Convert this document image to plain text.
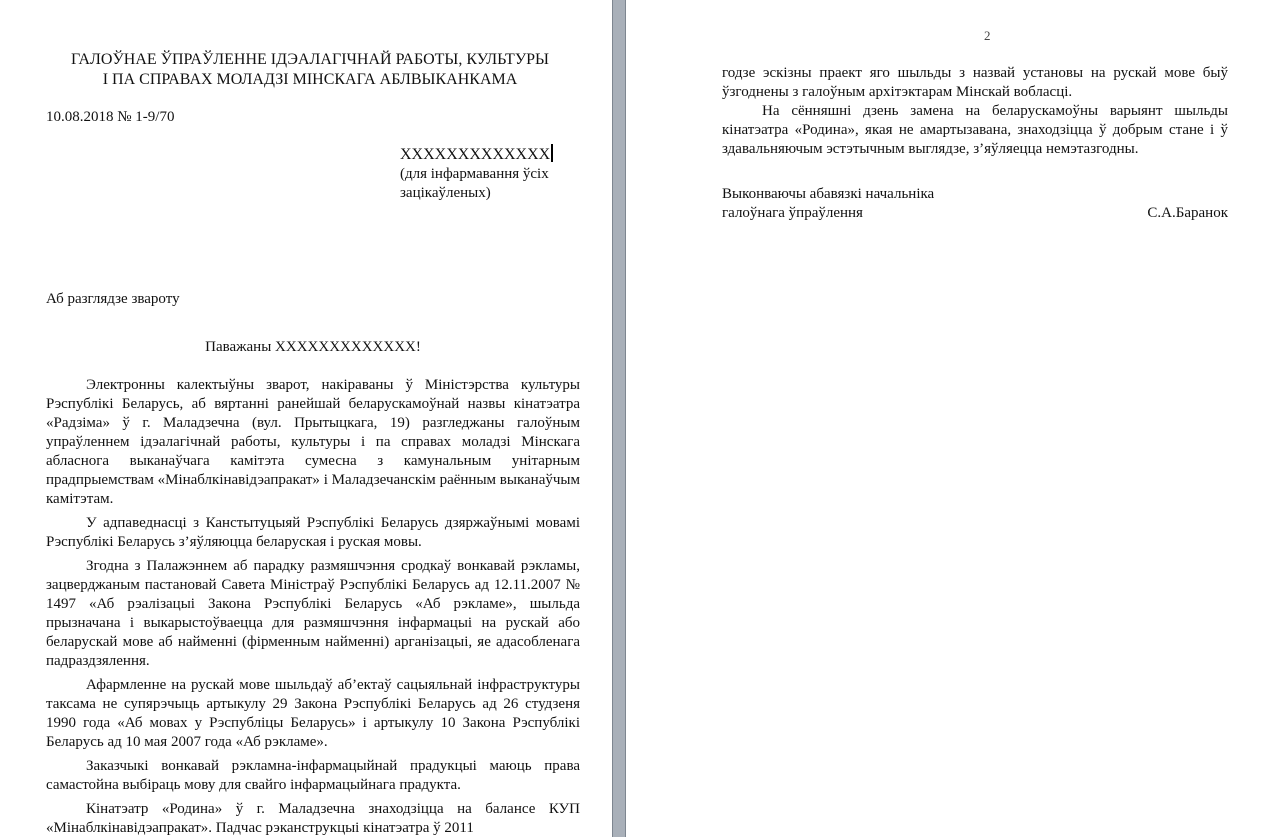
ГАЛОЎНАЕ ЎПРАЎЛЕННЕ ІДЭАЛАГІЧНАЙ РАБОТЫ, КУЛЬТУРЫ
І ПА СПРАВАХ МОЛАДЗІ МІНСКАГА АБЛВЫКАНКАМА
10.08.2018 № 1-9/70
ХХХХХХХХХХХХХ
(для інфармавання ўсіх
зацікаўленых)
Аб разглядзе звароту
Паважаны ХХХХХХХХХХХХХ!

Электронны калектыўны зварот, накіраваны ў Міністэрства культуры Рэспублікі Беларусь, аб вяртанні ранейшай беларускамоўнай назвы кінатэатра «Радзіма» ў г. Маладзечна (вул. Прытыцкага, 19) разгледжаны галоўным упраўленнем ідэалагічнай работы, культуры і па справах моладзі Мінскага абласнога выканаўчага камітэта сумесна з камунальным унітарным прадпрыемствам «Мінаблкінавідэапракат» і Маладзечанскім раённым выканаўчым камітэтам.

У адпаведнасці з Канстытуцыяй Рэспублікі Беларусь дзяржаўнымі мовамі Рэспублікі Беларусь з’яўляюцца беларуская і руская мовы.

Згодна з Палажэннем аб парадку размяшчэння сродкаў вонкавай рэкламы, зацверджаным пастановай Савета Міністраў Рэспублікі Беларусь ад 12.11.2007 № 1497 «Аб рэалізацыі Закона Рэспублікі Беларусь «Аб рэкламе», шыльда прызначана і выкарыстоўваецца для размяшчэння інфармацыі на рускай або беларускай мове аб найменні (фірменным найменні) арганізацыі, яе адасобленага падраздзялення.

Афармленне на рускай мове шыльдаў аб’ектаў сацыяльнай інфраструктуры таксама не супярэчыць артыкулу 29 Закона Рэспублікі Беларусь ад 26 студзеня 1990 года «Аб мовах у Рэспубліцы Беларусь» і артыкулу 10 Закона Рэспублікі Беларусь ад 10 мая 2007 года «Аб рэкламе».

Заказчыкі вонкавай рэкламна-інфармацыйнай прадукцыі маюць права самастойна выбіраць мову для свайго інфармацыйнага прадукта.

Кінатэатр «Родина» ў г. Маладзечна знаходзіцца на балансе КУП «Мінаблкінавідэапракат». Падчас рэканструкцыі кінатэатра ў 2011

2

годзе эскізны праект яго шыльды з назвай установы на рускай мове быў ўзгоднены з галоўным архітэктарам Мінскай вобласці.

На сённяшні дзень замена на беларускамоўны варыянт шыльды кінатэатра «Родина», якая не амартызавана, знаходзіцца ў добрым стане і ў здавальняючым эстэтычным выглядзе, з’яўляецца немэтазгодны.

Выконваючы абавязкі начальніка
галоўнага ўпраўлення	С.А.Баранок
